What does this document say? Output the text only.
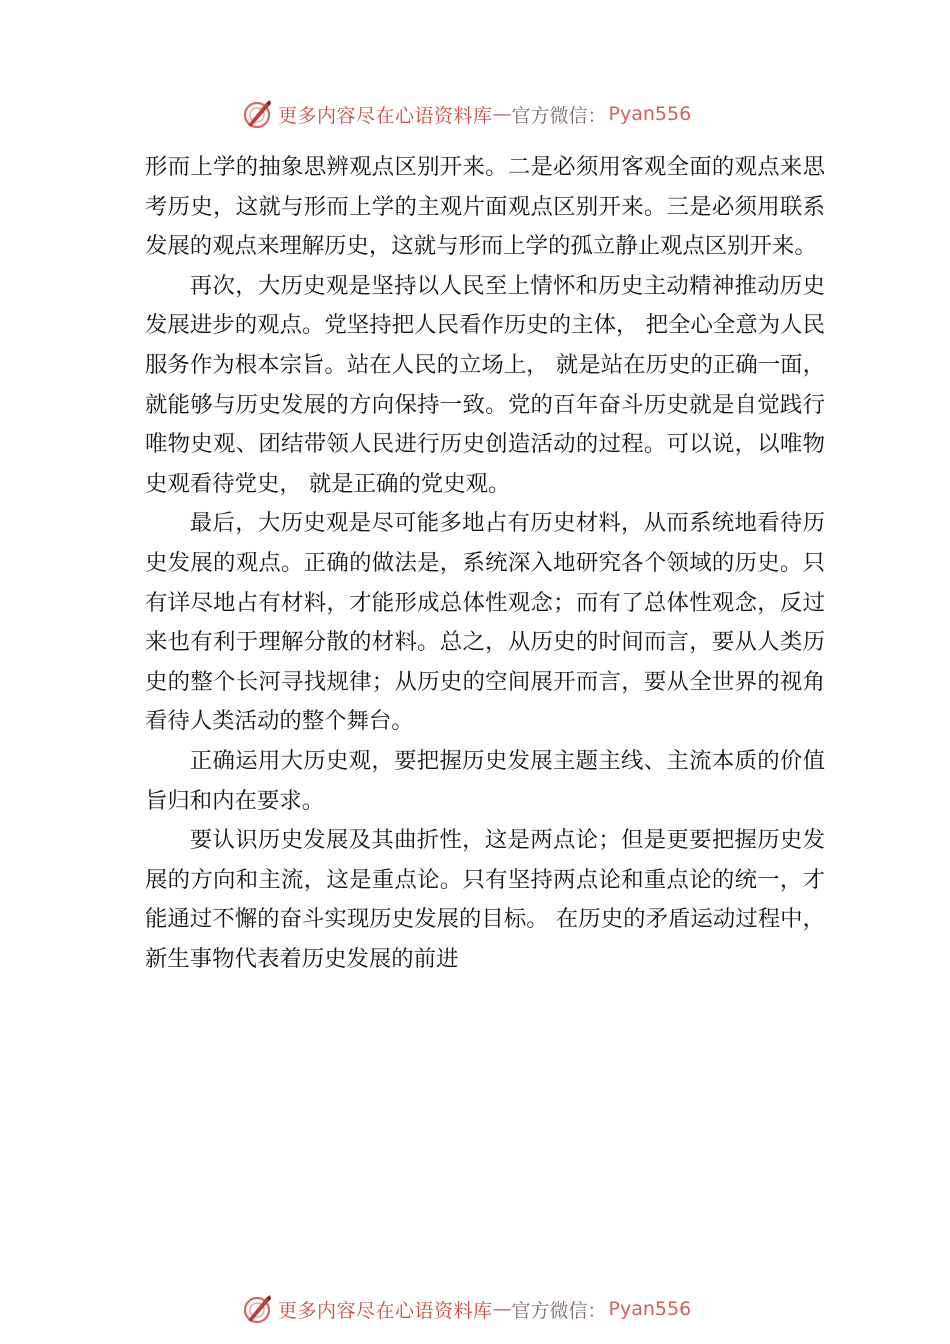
更多内容尽在心语资料库 — 官方微信： Pyan556

形而上学的抽象思辨观点区别开来。二是必须用客观全面的观点来思考历史，这就与形而上学的主观片面观点区别开来。三是必须用联系发展的观点来理解历史，这就与形而上学的孤立静止观点区别开来。

再次，大历史观是坚持以人民至上情怀和历史主动精神推动历史发展进步的观点。党坚持把人民看作历史的主体， 把全心全意为人民服务作为根本宗旨。站在人民的立场上， 就是站在历史的正确一面，就能够与历史发展的方向保持一致。党的百年奋斗历史就是自觉践行唯物史观、团结带领人民进行历史创造活动的过程。可以说，以唯物史观看待党史， 就是正确的党史观。

最后，大历史观是尽可能多地占有历史材料，从而系统地看待历史发展的观点。正确的做法是，系统深入地研究各个领域的历史。只有详尽地占有材料，才能形成总体性观念；而有了总体性观念，反过来也有利于理解分散的材料。总之，从历史的时间而言，要从人类历史的整个长河寻找规律；从历史的空间展开而言，要从全世界的视角看待人类活动的整个舞台。

正确运用大历史观，要把握历史发展主题主线、主流本质的价值旨归和内在要求。

要认识历史发展及其曲折性，这是两点论；但是更要把握历史发展的方向和主流，这是重点论。只有坚持两点论和重点论的统一，才能通过不懈的奋斗实现历史发展的目标。 在历史的矛盾运动过程中，新生事物代表着历史发展的前进

更多内容尽在心语资料库 — 官方微信： Pyan556
